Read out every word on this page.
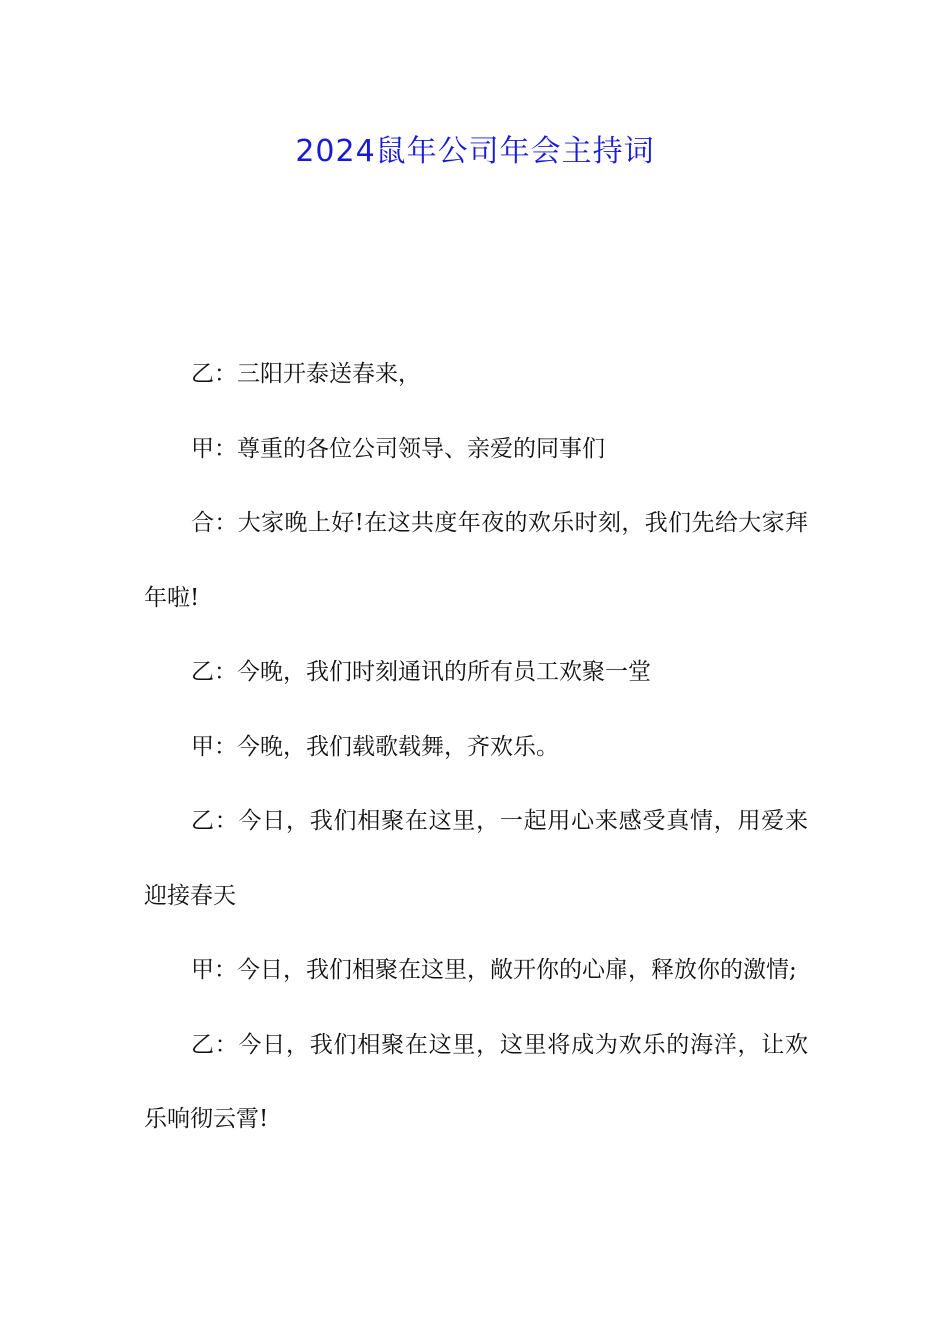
2024鼠年公司年会主持词

乙：三阳开泰送春来，

甲：尊重的各位公司领导、亲爱的同事们

合：大家晚上好!在这共度年夜的欢乐时刻，我们先给大家拜年啦!

乙：今晚，我们时刻通讯的所有员工欢聚一堂

甲：今晚，我们载歌载舞，齐欢乐。

乙：今日，我们相聚在这里，一起用心来感受真情，用爱来迎接春天

甲：今日，我们相聚在这里，敞开你的心扉，释放你的激情;

乙：今日，我们相聚在这里，这里将成为欢乐的海洋，让欢乐响彻云霄!
